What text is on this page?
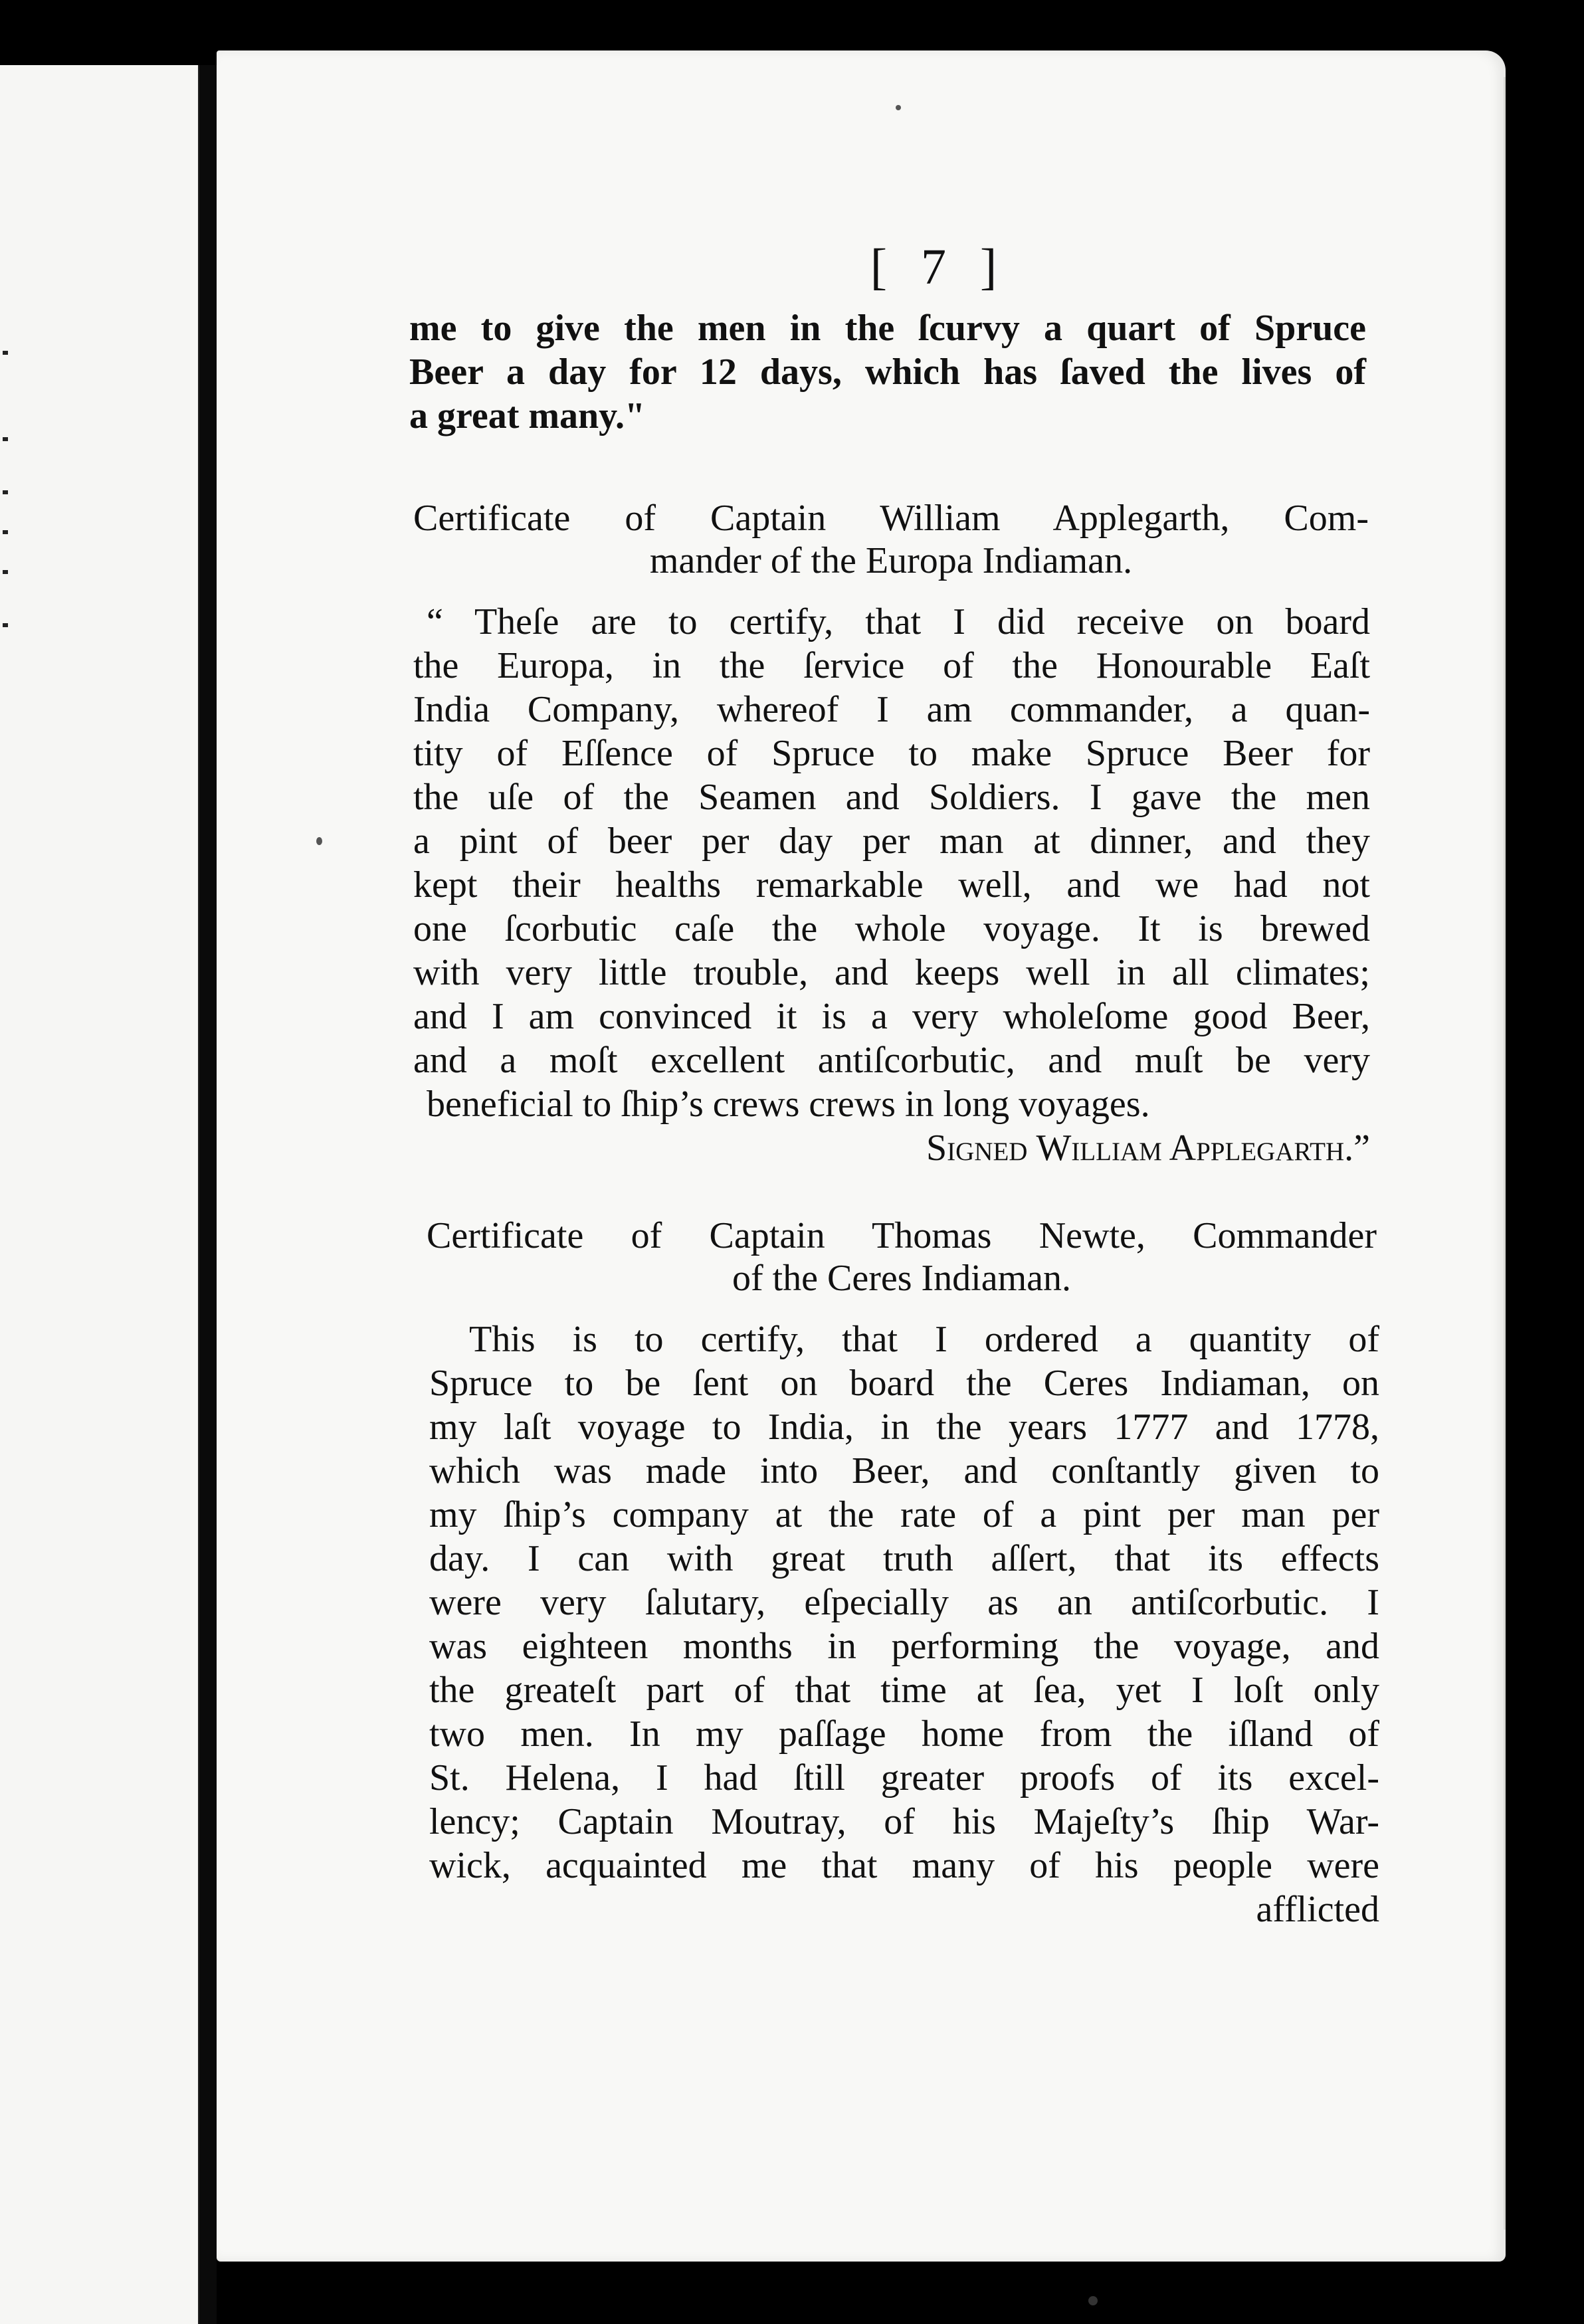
[ 7 ]
me to give the men in the ſcurvy a quart of Spruce
Beer a day for 12 days, which has ſaved the lives of
a great many."
Certificate of Captain William Applegarth, Com-
mander of the Europa Indiaman.
“ Theſe are to certify, that I did receive on board
the Europa, in the ſervice of the Honourable Eaſt
India Company, whereof I am commander, a quan-
tity of Eſſence of Spruce to make Spruce Beer for
the uſe of the Seamen and Soldiers. I gave the men
a pint of beer per day per man at dinner, and they
kept their healths remarkable well, and we had not
one ſcorbutic caſe the whole voyage. It is brewed
with very little trouble, and keeps well in all climates;
and I am convinced it is a very wholeſome good Beer,
and a moſt excellent antiſcorbutic, and muſt be very
beneficial to ſhip’s crews crews in long voyages.
Signed William Applegarth.”
Certificate of Captain Thomas Newte, Commander
of the Ceres Indiaman.
This is to certify, that I ordered a quantity of
Spruce to be ſent on board the Ceres Indiaman, on
my laſt voyage to India, in the years 1777 and 1778,
which was made into Beer, and conſtantly given to
my ſhip’s company at the rate of a pint per man per
day. I can with great truth aſſert, that its effects
were very ſalutary, eſpecially as an antiſcorbutic. I
was eighteen months in performing the voyage, and
the greateſt part of that time at ſea, yet I loſt only
two men. In my paſſage home from the iſland of
St. Helena, I had ſtill greater proofs of its excel-
lency; Captain Moutray, of his Majeſty’s ſhip War-
wick, acquainted me that many of his people were
afflicted
